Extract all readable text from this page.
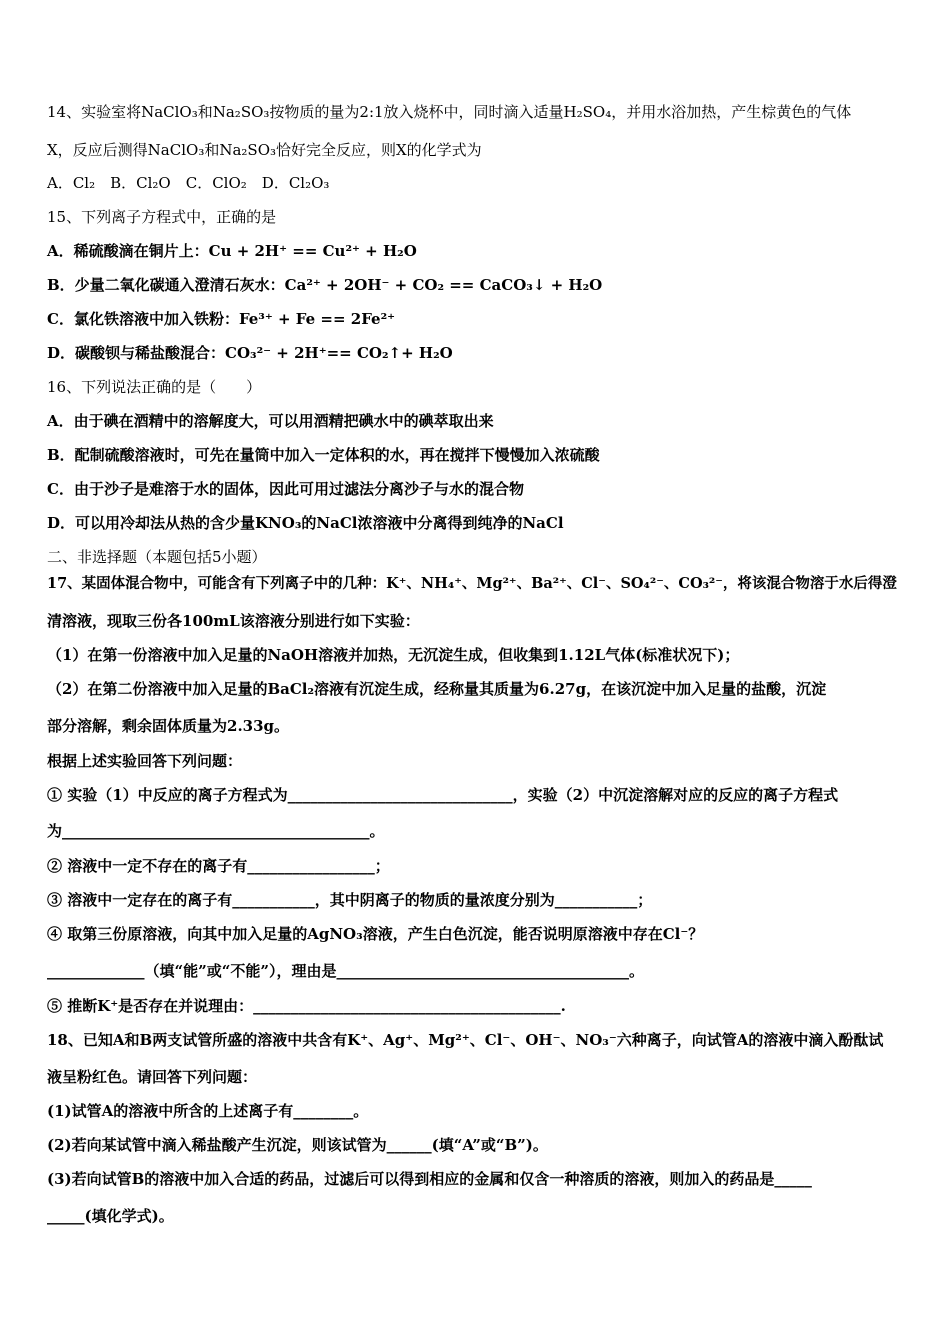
14、实验室将NaClO₃和Na₂SO₃按物质的量为2:1放入烧杯中，同时滴入适量H₂SO₄，并用水浴加热，产生棕黄色的气体
X，反应后测得NaClO₃和Na₂SO₃恰好完全反应，则X的化学式为
A．Cl₂　B．Cl₂O　C．ClO₂　D．Cl₂O₃
15、下列离子方程式中，正确的是
A．稀硫酸滴在铜片上：Cu + 2H⁺ == Cu²⁺ + H₂O
B．少量二氧化碳通入澄清石灰水：Ca²⁺ + 2OH⁻ + CO₂ == CaCO₃↓ + H₂O
C．氯化铁溶液中加入铁粉：Fe³⁺ + Fe == 2Fe²⁺
D．碳酸钡与稀盐酸混合：CO₃²⁻ + 2H⁺== CO₂↑+ H₂O
16、下列说法正确的是（　　）
A．由于碘在酒精中的溶解度大，可以用酒精把碘水中的碘萃取出来
B．配制硫酸溶液时，可先在量筒中加入一定体积的水，再在搅拌下慢慢加入浓硫酸
C．由于沙子是难溶于水的固体，因此可用过滤法分离沙子与水的混合物
D．可以用冷却法从热的含少量KNO₃的NaCl浓溶液中分离得到纯净的NaCl
二、非选择题（本题包括5小题）
17、某固体混合物中，可能含有下列离子中的几种：K⁺、NH₄⁺、Mg²⁺、Ba²⁺、Cl⁻、SO₄²⁻、CO₃²⁻，将该混合物溶于水后得澄
清溶液，现取三份各100mL该溶液分别进行如下实验：
（1）在第一份溶液中加入足量的NaOH溶液并加热，无沉淀生成，但收集到1.12L气体(标准状况下)；
（2）在第二份溶液中加入足量的BaCl₂溶液有沉淀生成，经称量其质量为6.27g，在该沉淀中加入足量的盐酸，沉淀
部分溶解，剩余固体质量为2.33g。
根据上述实验回答下列问题：
① 实验（1）中反应的离子方程式为______________________________，实验（2）中沉淀溶解对应的反应的离子方程式
为_________________________________________。
② 溶液中一定不存在的离子有_________________；
③ 溶液中一定存在的离子有___________，其中阴离子的物质的量浓度分别为___________；
④ 取第三份原溶液，向其中加入足量的AgNO₃溶液，产生白色沉淀，能否说明原溶液中存在Cl⁻？
_____________（填“能”或“不能”），理由是_______________________________________。
⑤ 推断K⁺是否存在并说理由：_________________________________________.
18、已知A和B两支试管所盛的溶液中共含有K⁺、Ag⁺、Mg²⁺、Cl⁻、OH⁻、NO₃⁻六种离子，向试管A的溶液中滴入酚酞试
液呈粉红色。请回答下列问题：
(1)试管A的溶液中所含的上述离子有________。
(2)若向某试管中滴入稀盐酸产生沉淀，则该试管为______(填“A”或“B”)。
(3)若向试管B的溶液中加入合适的药品，过滤后可以得到相应的金属和仅含一种溶质的溶液，则加入的药品是_____
_____(填化学式)。
